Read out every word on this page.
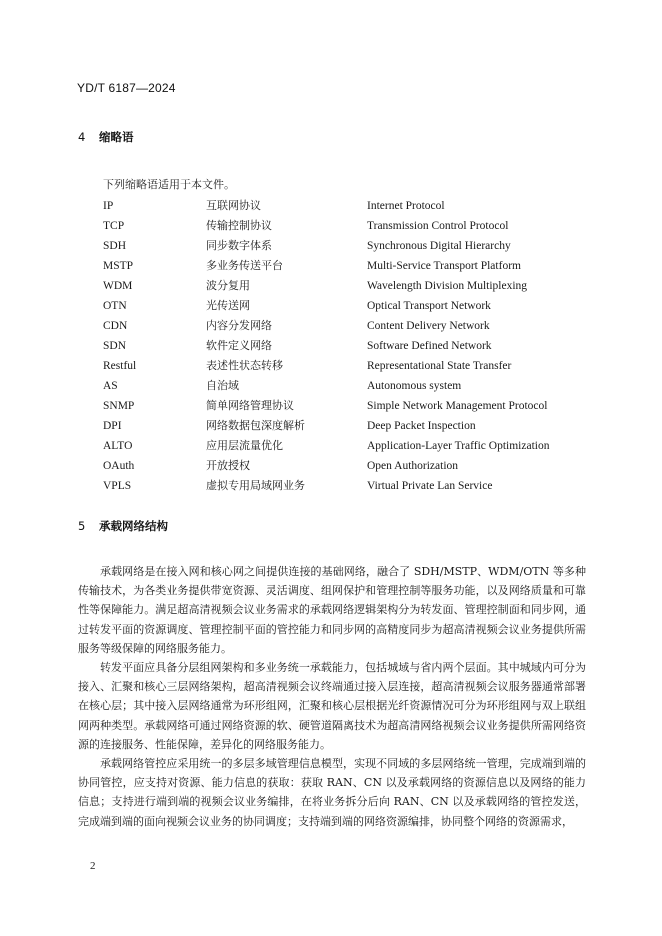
YD/T 6187—2024
4 缩略语
下列缩略语适用于本文件。
IP	互联网协议	Internet Protocol
TCP	传输控制协议	Transmission Control Protocol
SDH	同步数字体系	Synchronous Digital Hierarchy
MSTP	多业务传送平台	Multi-Service Transport Platform
WDM	波分复用	Wavelength Division Multiplexing
OTN	光传送网	Optical Transport Network
CDN	内容分发网络	Content Delivery Network
SDN	软件定义网络	Software Defined Network
Restful	表述性状态转移	Representational State Transfer
AS	自治域	Autonomous system
SNMP	简单网络管理协议	Simple Network Management Protocol
DPI	网络数据包深度解析	Deep Packet Inspection
ALTO	应用层流量优化	Application-Layer Traffic Optimization
OAuth	开放授权	Open Authorization
VPLS	虚拟专用局域网业务	Virtual Private Lan Service
5 承载网络结构

承载网络是在接入网和核心网之间提供连接的基础网络，融合了 SDH/MSTP、WDM/OTN 等多种传输技术，为各类业务提供带宽资源、灵活调度、组网保护和管理控制等服务功能，以及网络质量和可靠性等保障能力。满足超高清视频会议业务需求的承载网络逻辑架构分为转发面、管理控制面和同步网，通过转发平面的资源调度、管理控制平面的管控能力和同步网的高精度同步为超高清视频会议业务提供所需服务等级保障的网络服务能力。

转发平面应具备分层组网架构和多业务统一承载能力，包括城域与省内两个层面。其中城域内可分为接入、汇聚和核心三层网络架构，超高清视频会议终端通过接入层连接，超高清视频会议服务器通常部署在核心层；其中接入层网络通常为环形组网，汇聚和核心层根据光纤资源情况可分为环形组网与双上联组网两种类型。承载网络可通过网络资源的软、硬管道隔离技术为超高清网络视频会议业务提供所需网络资源的连接服务、性能保障，差异化的网络服务能力。

承载网络管控应采用统一的多层多域管理信息模型，实现不同域的多层网络统一管理，完成端到端的协同管控，应支持对资源、能力信息的获取：获取 RAN、CN 以及承载网络的资源信息以及网络的能力信息；支持进行端到端的视频会议业务编排，在将业务拆分后向 RAN、CN 以及承载网络的管控发送，完成端到端的面向视频会议业务的协同调度；支持端到端的网络资源编排，协同整个网络的资源需求，

2
